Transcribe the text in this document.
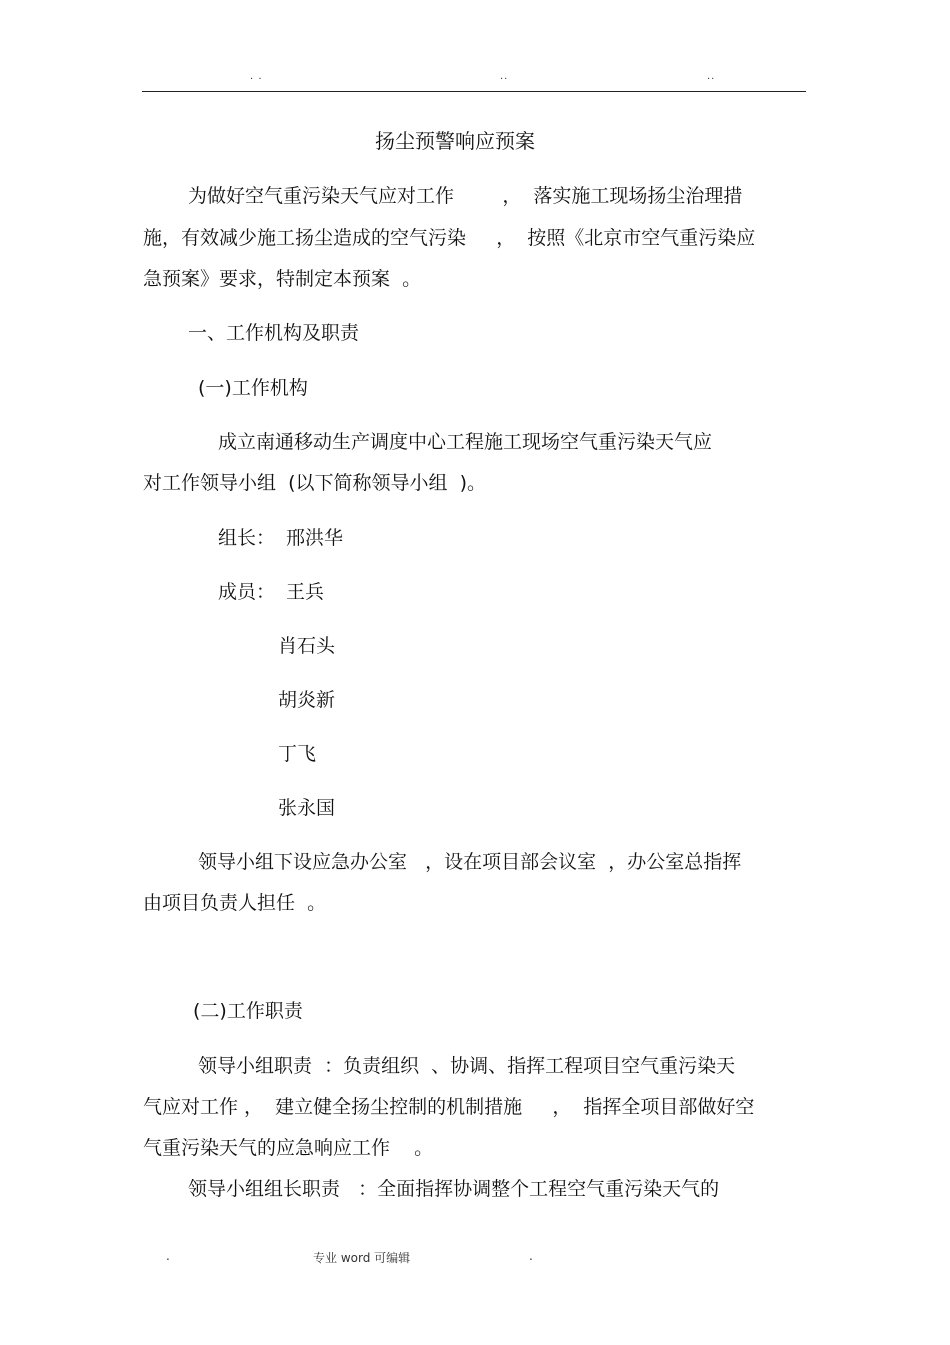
· ·	··	··
扬尘预警响应预案
为做好空气重污染天气应对工作        ，  落实施工现场扬尘治理措
施，有效减少施工扬尘造成的空气污染     ，  按照《北京市空气重污染应
急预案》要求，特制定本预案  。
一、工作机构及职责
(一)工作机构
成立南通移动生产调度中心工程施工现场空气重污染天气应
对工作领导小组  (以下简称领导小组  )。
组长： 邢洪华
成员： 王兵
肖石头
胡炎新
丁飞
张永国
领导小组下设应急办公室   ，设在项目部会议室  ，办公室总指挥
由项目负责人担任  。
(二)工作职责
领导小组职责  ：负责组织  、协调、指挥工程项目空气重污染天
气应对工作 ，  建立健全扬尘控制的机制措施     ，  指挥全项目部做好空
气重污染天气的应急响应工作    。
领导小组组长职责   ：全面指挥协调整个工程空气重污染天气的
.	专业 word 可编辑	.
